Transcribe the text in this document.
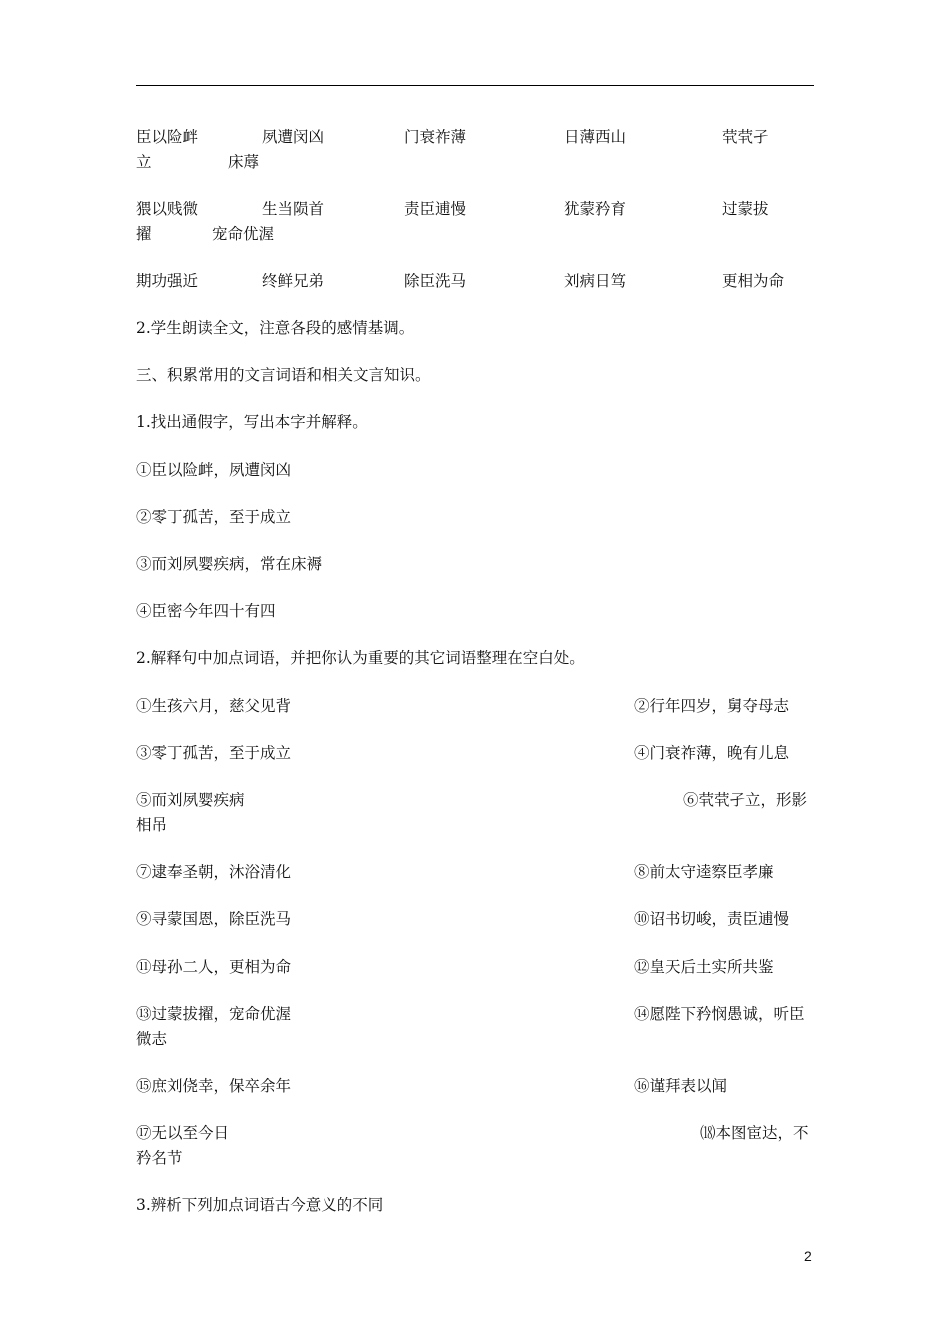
臣以险衅	夙遭闵凶	门衰祚薄	日薄西山	茕茕孑
立	床蓐
猥以贱微	生当陨首	责臣逋慢	犹蒙矜育	过蒙拔
擢	宠命优渥
期功强近	终鲜兄弟	除臣洗马	刘病日笃	更相为命
2.学生朗读全文，注意各段的感情基调。
三、积累常用的文言词语和相关文言知识。
1.找出通假字，写出本字并解释。
①臣以险衅，夙遭闵凶
②零丁孤苦，至于成立
③而刘夙婴疾病，常在床褥
④臣密今年四十有四
2.解释句中加点词语，并把你认为重要的其它词语整理在空白处。
①生孩六月，慈父见背	②行年四岁，舅夺母志
③零丁孤苦，至于成立	④门衰祚薄，晚有儿息
⑤而刘夙婴疾病	⑥茕茕孑立，形影
相吊
⑦逮奉圣朝，沐浴清化	⑧前太守逵察臣孝廉
⑨寻蒙国恩，除臣洗马	⑩诏书切峻，责臣逋慢
⑪母孙二人，更相为命	⑫皇天后土实所共鉴
⑬过蒙拔擢，宠命优渥	⑭愿陛下矜悯愚诚，听臣
微志
⑮庶刘侥幸，保卒余年	⑯谨拜表以闻
⑰无以至今日	⒅本图宦达，不
矜名节
3.辨析下列加点词语古今意义的不同
2
